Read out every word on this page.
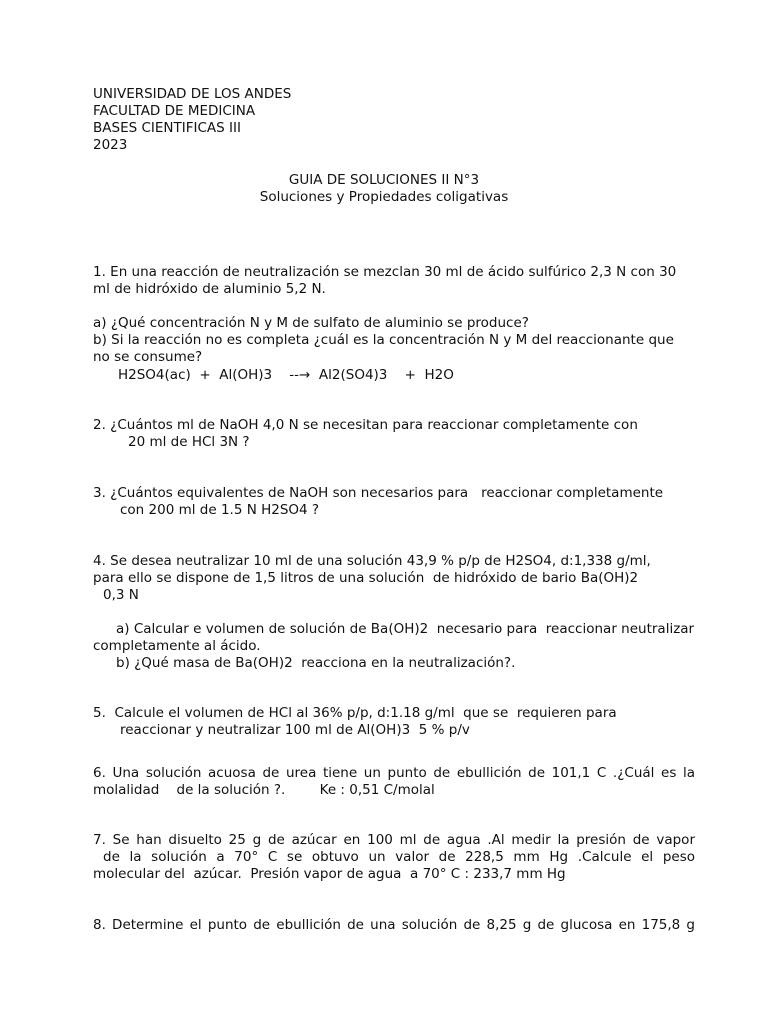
UNIVERSIDAD DE LOS ANDES
FACULTAD DE MEDICINA
BASES CIENTIFICAS III
2023
GUIA DE SOLUCIONES II N°3
Soluciones y Propiedades coligativas
1. En una reacción de neutralización se mezclan 30 ml de ácido sulfúrico 2,3 N con 30
ml de hidróxido de aluminio 5,2 N.
a) ¿Qué concentración N y M de sulfato de aluminio se produce?
b) Si la reacción no es completa ¿cuál es la concentración N y M del reaccionante que
no se consume?
H2SO4(ac)  +  Al(OH)3    --→  Al2(SO4)3    +  H2O
2. ¿Cuántos ml de NaOH 4,0 N se necesitan para reaccionar completamente con
20 ml de HCl 3N ?
3. ¿Cuántos equivalentes de NaOH son necesarios para   reaccionar completamente
con 200 ml de 1.5 N H2SO4 ?
4. Se desea neutralizar 10 ml de una solución 43,9 % p/p de H2SO4, d:1,338 g/ml,
para ello se dispone de 1,5 litros de una solución  de hidróxido de bario Ba(OH)2
0,3 N
a) Calcular e volumen de solución de Ba(OH)2  necesario para  reaccionar neutralizar
completamente al ácido.
b) ¿Qué masa de Ba(OH)2  reacciona en la neutralización?.
5.  Calcule el volumen de HCl al 36% p/p, d:1.18 g/ml  que se  requieren para
reaccionar y neutralizar 100 ml de Al(OH)3  5 % p/v
6. Una solución acuosa de urea tiene un punto de ebullición de 101,1 C .¿Cuál es la
molalidad    de la solución ?.        Ke : 0,51 C/molal
7. Se han disuelto 25 g de azúcar en 100 ml de agua .Al medir la presión de vapor
de la solución a 70° C se obtuvo un valor de 228,5 mm Hg .Calcule el peso
molecular del  azúcar.  Presión vapor de agua  a 70° C : 233,7 mm Hg
8. Determine el punto de ebullición de una solución de 8,25 g de glucosa en 175,8 g
